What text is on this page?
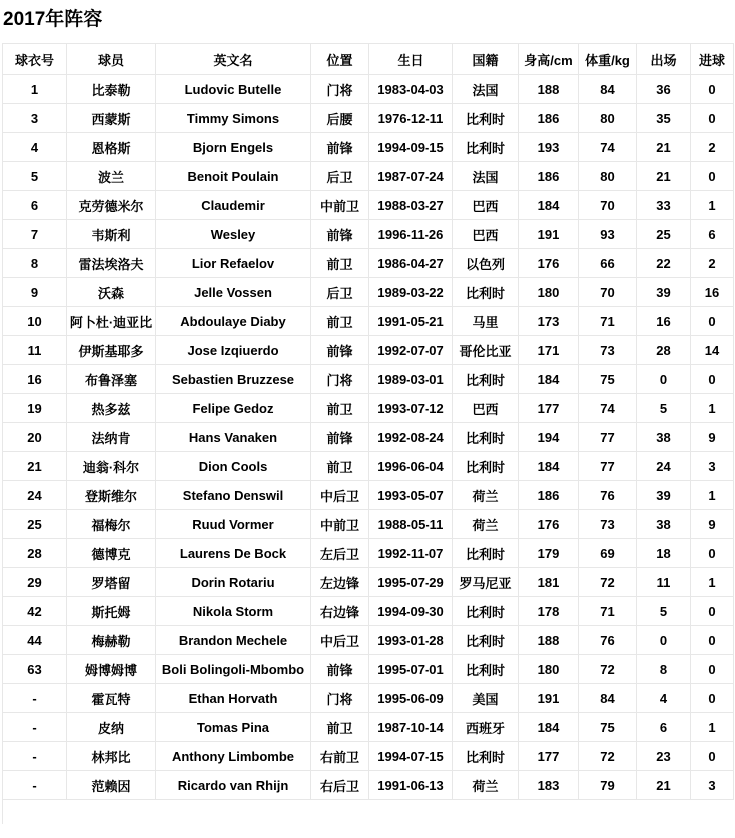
2017年阵容
球衣号	球员	英文名	位置	生日	国籍	身高/cm	体重/kg	出场	进球
1	比泰勒	Ludovic Butelle	门将	1983-04-03	法国	188	84	36	0
3	西蒙斯	Timmy Simons	后腰	1976-12-11	比利时	186	80	35	0
4	恩格斯	Bjorn Engels	前锋	1994-09-15	比利时	193	74	21	2
5	波兰	Benoit Poulain	后卫	1987-07-24	法国	186	80	21	0
6	克劳德米尔	Claudemir	中前卫	1988-03-27	巴西	184	70	33	1
7	韦斯利	Wesley	前锋	1996-11-26	巴西	191	93	25	6
8	雷法埃洛夫	Lior Refaelov	前卫	1986-04-27	以色列	176	66	22	2
9	沃森	Jelle Vossen	后卫	1989-03-22	比利时	180	70	39	16
10	阿卜杜·迪亚比	Abdoulaye Diaby	前卫	1991-05-21	马里	173	71	16	0
11	伊斯基耶多	Jose Izqiuerdo	前锋	1992-07-07	哥伦比亚	171	73	28	14
16	布鲁泽塞	Sebastien Bruzzese	门将	1989-03-01	比利时	184	75	0	0
19	热多兹	Felipe Gedoz	前卫	1993-07-12	巴西	177	74	5	1
20	法纳肯	Hans Vanaken	前锋	1992-08-24	比利时	194	77	38	9
21	迪翁·科尔	Dion Cools	前卫	1996-06-04	比利时	184	77	24	3
24	登斯维尔	Stefano Denswil	中后卫	1993-05-07	荷兰	186	76	39	1
25	福梅尔	Ruud Vormer	中前卫	1988-05-11	荷兰	176	73	38	9
28	德博克	Laurens De Bock	左后卫	1992-11-07	比利时	179	69	18	0
29	罗塔留	Dorin Rotariu	左边锋	1995-07-29	罗马尼亚	181	72	11	1
42	斯托姆	Nikola Storm	右边锋	1994-09-30	比利时	178	71	5	0
44	梅赫勒	Brandon Mechele	中后卫	1993-01-28	比利时	188	76	0	0
63	姆博姆博	Boli Bolingoli-Mbombo	前锋	1995-07-01	比利时	180	72	8	0
-	霍瓦特	Ethan Horvath	门将	1995-06-09	美国	191	84	4	0
-	皮纳	Tomas Pina	前卫	1987-10-14	西班牙	184	75	6	1
-	林邦比	Anthony Limbombe	右前卫	1994-07-15	比利时	177	72	23	0
-	范赖因	Ricardo van Rhijn	右后卫	1991-06-13	荷兰	183	79	21	3
